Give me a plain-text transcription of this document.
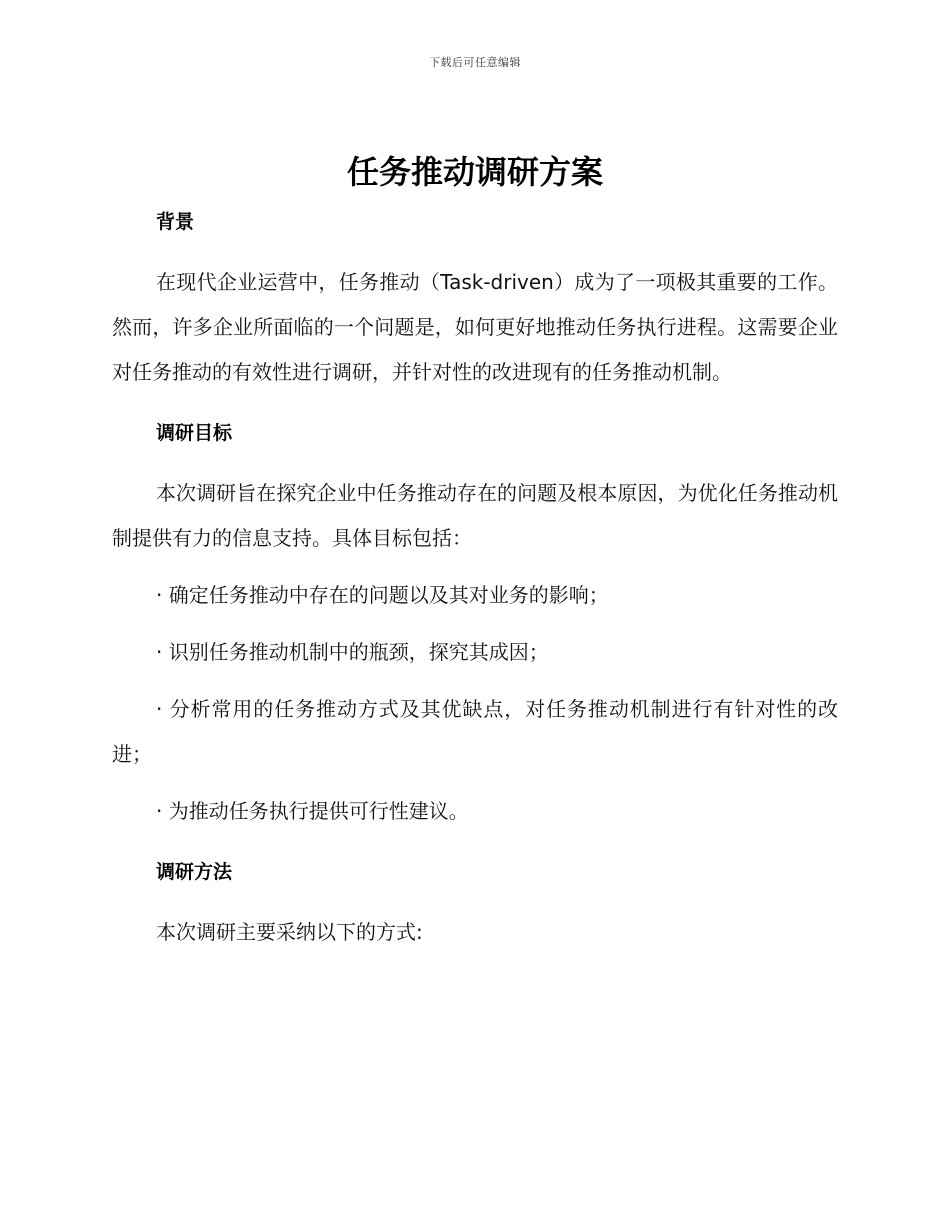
下载后可任意编辑
任务推动调研方案
背景

在现代企业运营中，任务推动（Task-driven）成为了一项极其重要的工作。然而，许多企业所面临的一个问题是，如何更好地推动任务执行进程。这需要企业对任务推动的有效性进行调研，并针对性的改进现有的任务推动机制。

调研目标

本次调研旨在探究企业中任务推动存在的问题及根本原因，为优化任务推动机制提供有力的信息支持。具体目标包括：

· 确定任务推动中存在的问题以及其对业务的影响；

· 识别任务推动机制中的瓶颈，探究其成因；

· 分析常用的任务推动方式及其优缺点，对任务推动机制进行有针对性的改进；

· 为推动任务执行提供可行性建议。

调研方法

本次调研主要采纳以下的方式:
